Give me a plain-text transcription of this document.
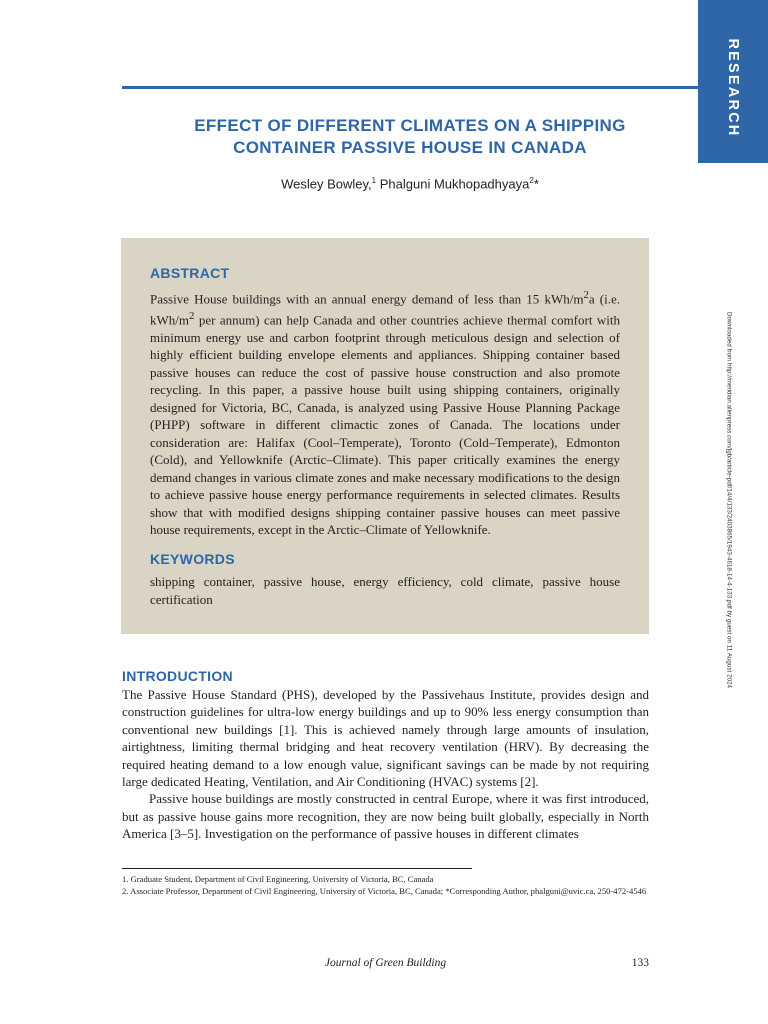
RESEARCH
EFFECT OF DIFFERENT CLIMATES ON A SHIPPING
CONTAINER PASSIVE HOUSE IN CANADA
Wesley Bowley,$^1$ Phalguni Mukhopadhyaya$^2$*
ABSTRACT

Passive House buildings with an annual energy demand of less than 15 kWh/$m^2a$ (i.e. kWh/$m^2$ per annum) can help Canada and other countries achieve thermal comfort with minimum energy use and carbon footprint through meticulous design and selection of highly efficient building envelope elements and appliances. Shipping container based passive houses can reduce the cost of passive house construction and also promote recycling. In this paper, a passive house built using shipping containers, originally designed for Victoria, BC, Canada, is analyzed using Passive House Planning Package (PHPP) software in different climactic zones of Canada. The locations under consideration are: Halifax (Cool–Temperate), Toronto (Cold–Temperate), Edmonton (Cold), and Yellowknife (Arctic–Climate). This paper critically examines the energy demand changes in various climate zones and make necessary modifications to the design to achieve passive house energy performance requirements in selected climates. Results show that with modified designs shipping container passive houses can meet passive house requirements, except in the Arctic–Climate of Yellowknife.

KEYWORDS

shipping container, passive house, energy efficiency, cold climate, passive house certification

INTRODUCTION

The Passive House Standard (PHS), developed by the Passivehaus Institute, provides design and construction guidelines for ultra-low energy buildings and up to 90% less energy consumption than conventional new buildings [1]. This is achieved namely through large amounts of insulation, airtightness, limiting thermal bridging and heat recovery ventilation (HRV). By decreasing the required heating demand to a low enough value, significant savings can be made by not requiring large dedicated Heating, Ventilation, and Air Conditioning (HVAC) systems [2].

Passive house buildings are mostly constructed in central Europe, where it was first introduced, but as passive house gains more recognition, they are now being built globally, especially in North America [3–5]. Investigation on the performance of passive houses in different climates

1. Graduate Student, Department of Civil Engineering, University of Victoria, BC, Canada

2. Associate Professor, Department of Civil Engineering, University of Victoria, BC, Canada; *Corresponding Author, phalguni@uvic.ca, 250-472-4546

Journal of Green Building	133
Downloaded from http://meridian.allenpress.com/jgb/article-pdf/14/4/133/2403865/1943-4618-14-4-133.pdf by guest on 11 August 2024
